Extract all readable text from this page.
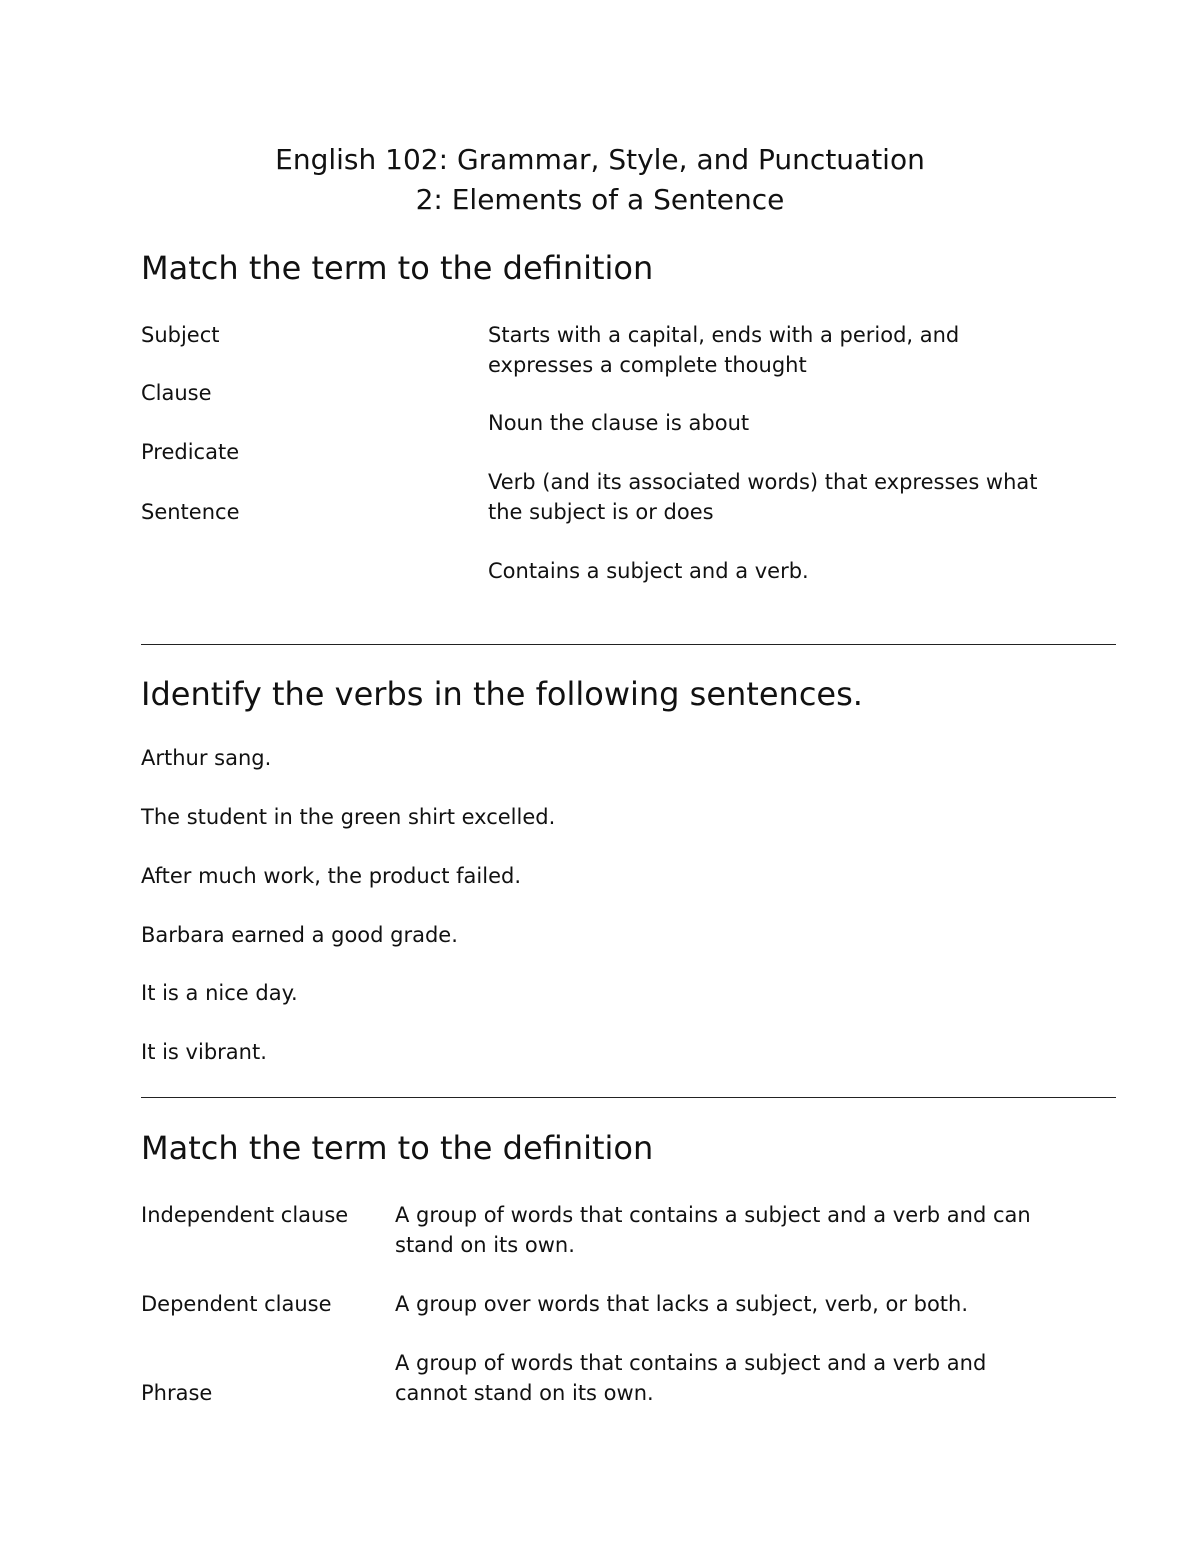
English 102: Grammar, Style, and Punctuation

2: Elements of a Sentence

Match the term to the definition
Subject
Clause
Predicate
Sentence
Starts with a capital, ends with a period, and expresses a complete thought
Noun the clause is about
Verb (and its associated words) that expresses what the subject is or does
Contains a subject and a verb.
Identify the verbs in the following sentences.
Arthur sang.
The student in the green shirt excelled.
After much work, the product failed.
Barbara earned a good grade.
It is a nice day.
It is vibrant.
Match the term to the definition
Independent clause
Dependent clause
Phrase
A group of words that contains a subject and a verb and can stand on its own.
A group over words that lacks a subject, verb, or both.
A group of words that contains a subject and a verb and cannot stand on its own.
